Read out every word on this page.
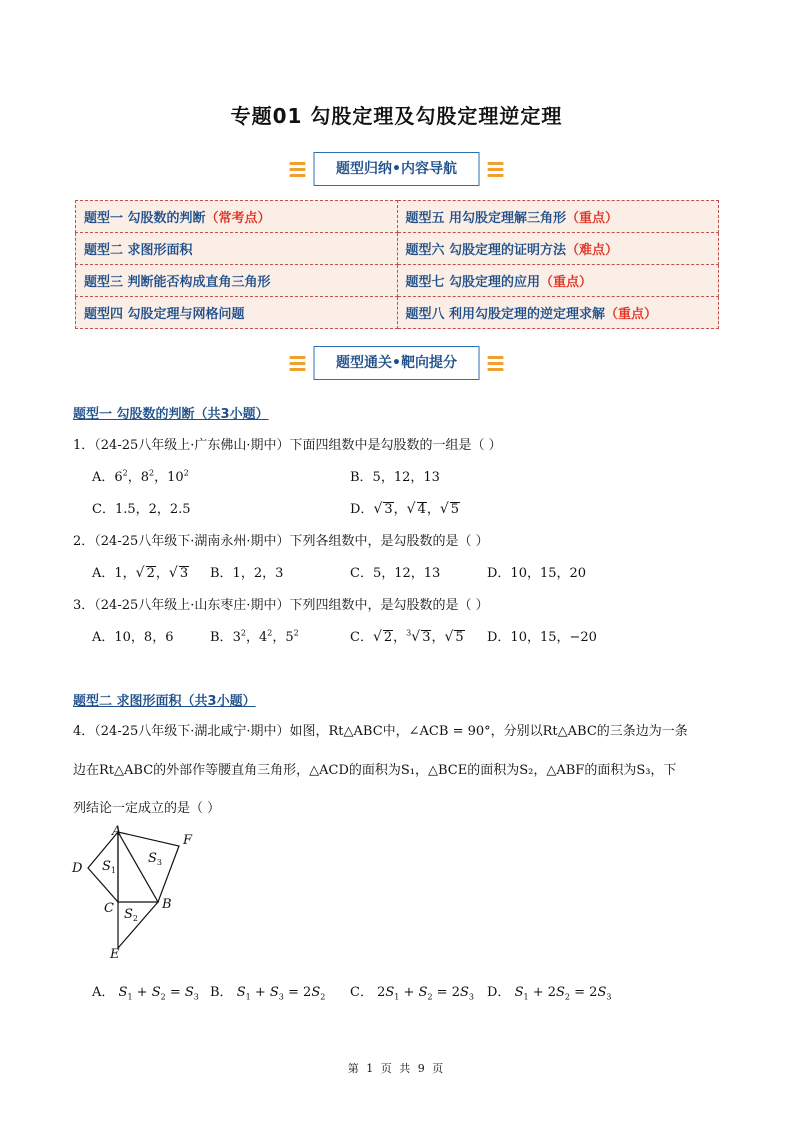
专题01 勾股定理及勾股定理逆定理
题型归纳•内容导航
题型一 勾股数的判断（常考点）	题型五 用勾股定理解三角形（重点）
题型二 求图形面积	题型六 勾股定理的证明方法（难点）
题型三 判断能否构成直角三角形	题型七 勾股定理的应用（重点）
题型四 勾股定理与网格问题	题型八 利用勾股定理的逆定理求解（重点）
题型通关•靶向提分
题型一 勾股数的判断（共3小题）
1．（24-25八年级上·广东佛山·期中）下面四组数中是勾股数的一组是（ ）
A．$6^2$，$8^2$，$10^2$	B．5，12，13
C．1.5，2，2.5	D．√ 3，√ 4，√ 5
2．（24-25八年级下·湖南永州·期中）下列各组数中，是勾股数的是（ ）
A．1，√ 2，√ 3 B．1，2，3	C．5，12，13	D．10，15，20
3．（24-25八年级上·山东枣庄·期中）下列四组数中，是勾股数的是（ ）
A．10，8，6	B．$3^2$，$4^2$，$5^2$	C．√ 2，$^3$√ 3，√ 5 D．10，15，−20
题型二 求图形面积（共3小题）
4．（24-25八年级下·湖北咸宁·期中）如图，Rt△ABC中，∠ACB = 90°，分别以Rt△ABC的三条边为一条
边在Rt△ABC的外部作等腰直角三角形，△ACD的面积为S₁，△BCE的面积为S₂，△ABF的面积为S₃，下
列结论一定成立的是（ ）
A
F
D
C	B
E
$S_1$
$S_2$
$S_3$
A． $S_1 + S_2 = S_3$ B． $S_1 + S_3 = 2S_2$ C． $2S_1 + S_2 = 2S_3$ D． $S_1 + 2S_2 = 2S_3$
第 1 页 共 9 页
